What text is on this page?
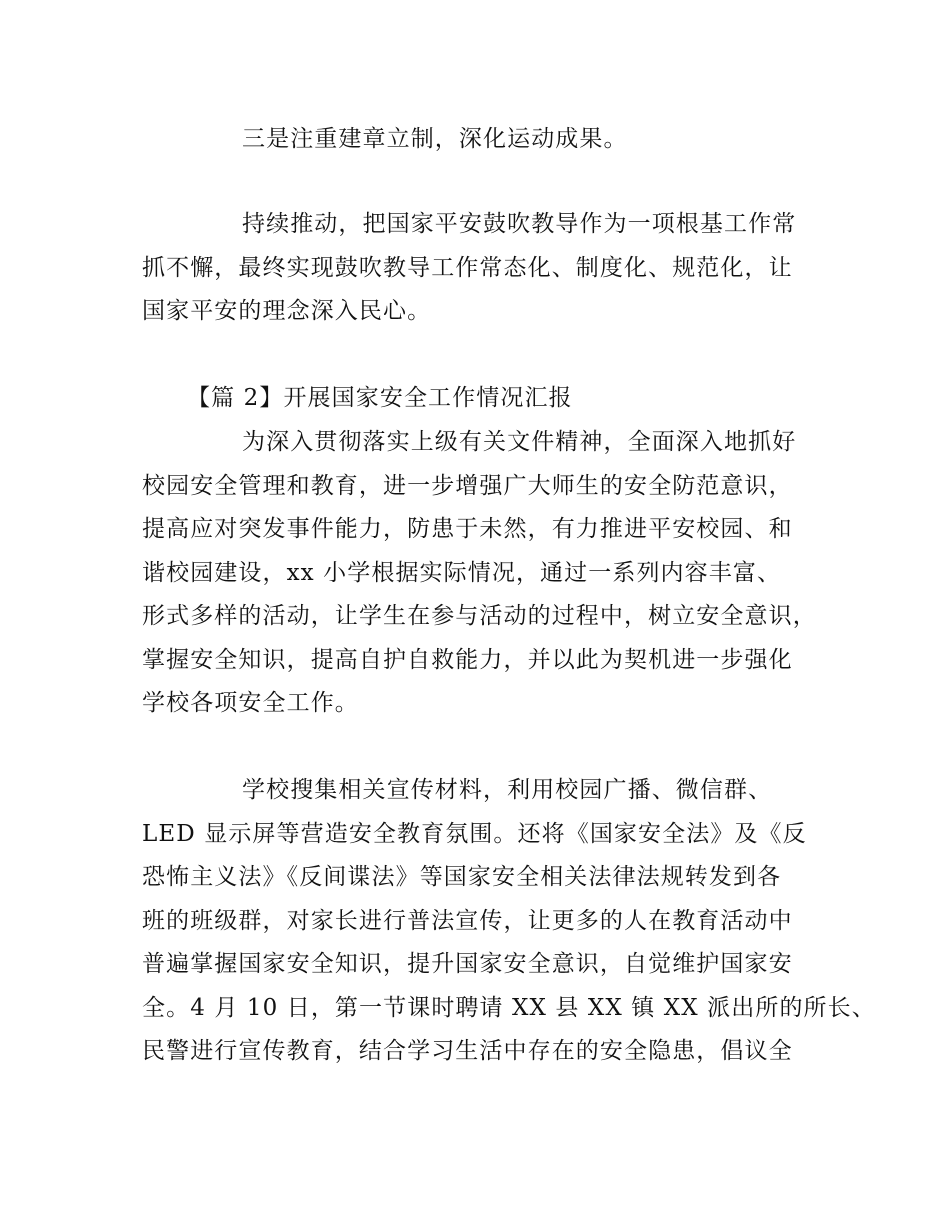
三是注重建章立制，深化运动成果。
持续推动，把国家平安鼓吹教导作为一项根基工作常
抓不懈，最终实现鼓吹教导工作常态化、制度化、规范化，让
国家平安的理念深入民心。
【篇 2】开展国家安全工作情况汇报
为深入贯彻落实上级有关文件精神，全面深入地抓好
校园安全管理和教育，进一步增强广大师生的安全防范意识，
提高应对突发事件能力，防患于未然，有力推进平安校园、和
谐校园建设，xx 小学根据实际情况，通过一系列内容丰富、
形式多样的活动，让学生在参与活动的过程中，树立安全意识，
掌握安全知识，提高自护自救能力，并以此为契机进一步强化
学校各项安全工作。
学校搜集相关宣传材料，利用校园广播、微信群、
LED 显示屏等营造安全教育氛围。还将《国家安全法》及《反
恐怖主义法》《反间谍法》等国家安全相关法律法规转发到各
班的班级群，对家长进行普法宣传，让更多的人在教育活动中
普遍掌握国家安全知识，提升国家安全意识，自觉维护国家安
全。4 月 10 日，第一节课时聘请 XX 县 XX 镇 XX 派出所的所长、
民警进行宣传教育，结合学习生活中存在的安全隐患，倡议全
